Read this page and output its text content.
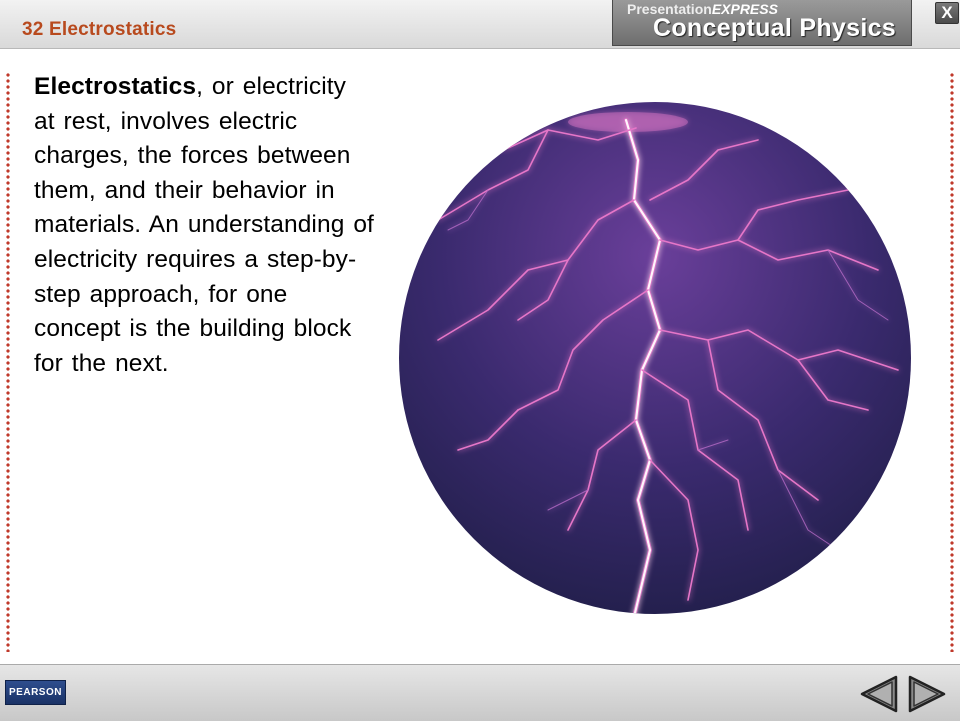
32 Electrostatics
PresentationEXPRESS
Conceptual Physics
X
Electrostatics, or electricity at rest, involves electric charges, the forces between them, and their behavior in materials. An understanding of electricity requires a step-by-step approach, for one concept is the building block for the next.
PEARSON
